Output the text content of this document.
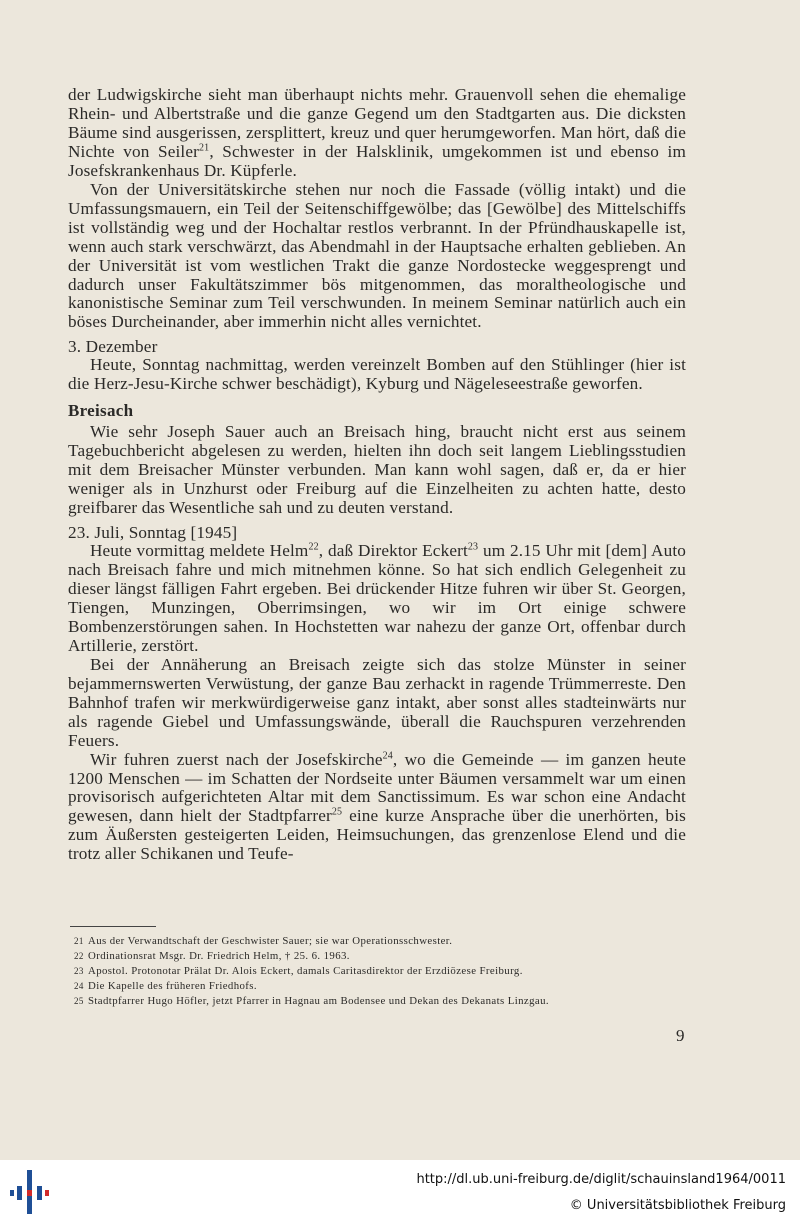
der Ludwigskirche sieht man überhaupt nichts mehr. Grauenvoll sehen die ehemalige Rhein- und Albertstraße und die ganze Gegend um den Stadtgarten aus. Die dicksten Bäume sind ausgerissen, zersplittert, kreuz und quer herumgeworfen. Man hört, daß die Nichte von Seiler$^{21}$, Schwester in der Halsklinik, umgekommen ist und ebenso im Josefskrankenhaus Dr. Küpferle.

Von der Universitätskirche stehen nur noch die Fassade (völlig intakt) und die Umfassungsmauern, ein Teil der Seitenschiffgewölbe; das [Gewölbe] des Mittelschiffs ist vollständig weg und der Hochaltar restlos verbrannt. In der Pfründhauskapelle ist, wenn auch stark verschwärzt, das Abendmahl in der Hauptsache erhalten geblieben. An der Universität ist vom westlichen Trakt die ganze Nordostecke weggesprengt und dadurch unser Fakultätszimmer bös mitgenommen, das moraltheologische und kanonistische Seminar zum Teil verschwunden. In meinem Seminar natürlich auch ein böses Durcheinander, aber immerhin nicht alles vernichtet.

3. Dezember

Heute, Sonntag nachmittag, werden vereinzelt Bomben auf den Stühlinger (hier ist die Herz-Jesu-Kirche schwer beschädigt), Kyburg und Nägeleseestraße geworfen.

Breisach

Wie sehr Joseph Sauer auch an Breisach hing, braucht nicht erst aus seinem Tagebuchbericht abgelesen zu werden, hielten ihn doch seit langem Lieblingsstudien mit dem Breisacher Münster verbunden. Man kann wohl sagen, daß er, da er hier weniger als in Unzhurst oder Freiburg auf die Einzelheiten zu achten hatte, desto greifbarer das Wesentliche sah und zu deuten verstand.

23. Juli, Sonntag [1945]

Heute vormittag meldete Helm$^{22}$, daß Direktor Eckert$^{23}$ um 2.15 Uhr mit [dem] Auto nach Breisach fahre und mich mitnehmen könne. So hat sich endlich Gelegenheit zu dieser längst fälligen Fahrt ergeben. Bei drückender Hitze fuhren wir über St. Georgen, Tiengen, Munzingen, Oberrimsingen, wo wir im Ort einige schwere Bombenzerstörungen sahen. In Hochstetten war nahezu der ganze Ort, offenbar durch Artillerie, zerstört.

Bei der Annäherung an Breisach zeigte sich das stolze Münster in seiner bejammernswerten Verwüstung, der ganze Bau zerhackt in ragende Trümmerreste. Den Bahnhof trafen wir merkwürdigerweise ganz intakt, aber sonst alles stadteinwärts nur als ragende Giebel und Umfassungswände, überall die Rauchspuren verzehrenden Feuers.

Wir fuhren zuerst nach der Josefskirche$^{24}$, wo die Gemeinde — im ganzen heute 1200 Menschen — im Schatten der Nordseite unter Bäumen versammelt war um einen provisorisch aufgerichteten Altar mit dem Sanctissimum. Es war schon eine Andacht gewesen, dann hielt der Stadtpfarrer$^{25}$ eine kurze Ansprache über die unerhörten, bis zum Äußersten gesteigerten Leiden, Heimsuchungen, das grenzenlose Elend und die trotz aller Schikanen und Teufe-

21 Aus der Verwandtschaft der Geschwister Sauer; sie war Operationsschwester.
22 Ordinationsrat Msgr. Dr. Friedrich Helm, † 25. 6. 1963.
23 Apostol. Protonotar Prälat Dr. Alois Eckert, damals Caritasdirektor der Erzdiözese Freiburg.
24 Die Kapelle des früheren Friedhofs.
25 Stadtpfarrer Hugo Höfler, jetzt Pfarrer in Hagnau am Bodensee und Dekan des Dekanats Linzgau.
9
http://dl.ub.uni-freiburg.de/diglit/schauinsland1964/0011
© Universitätsbibliothek Freiburg
